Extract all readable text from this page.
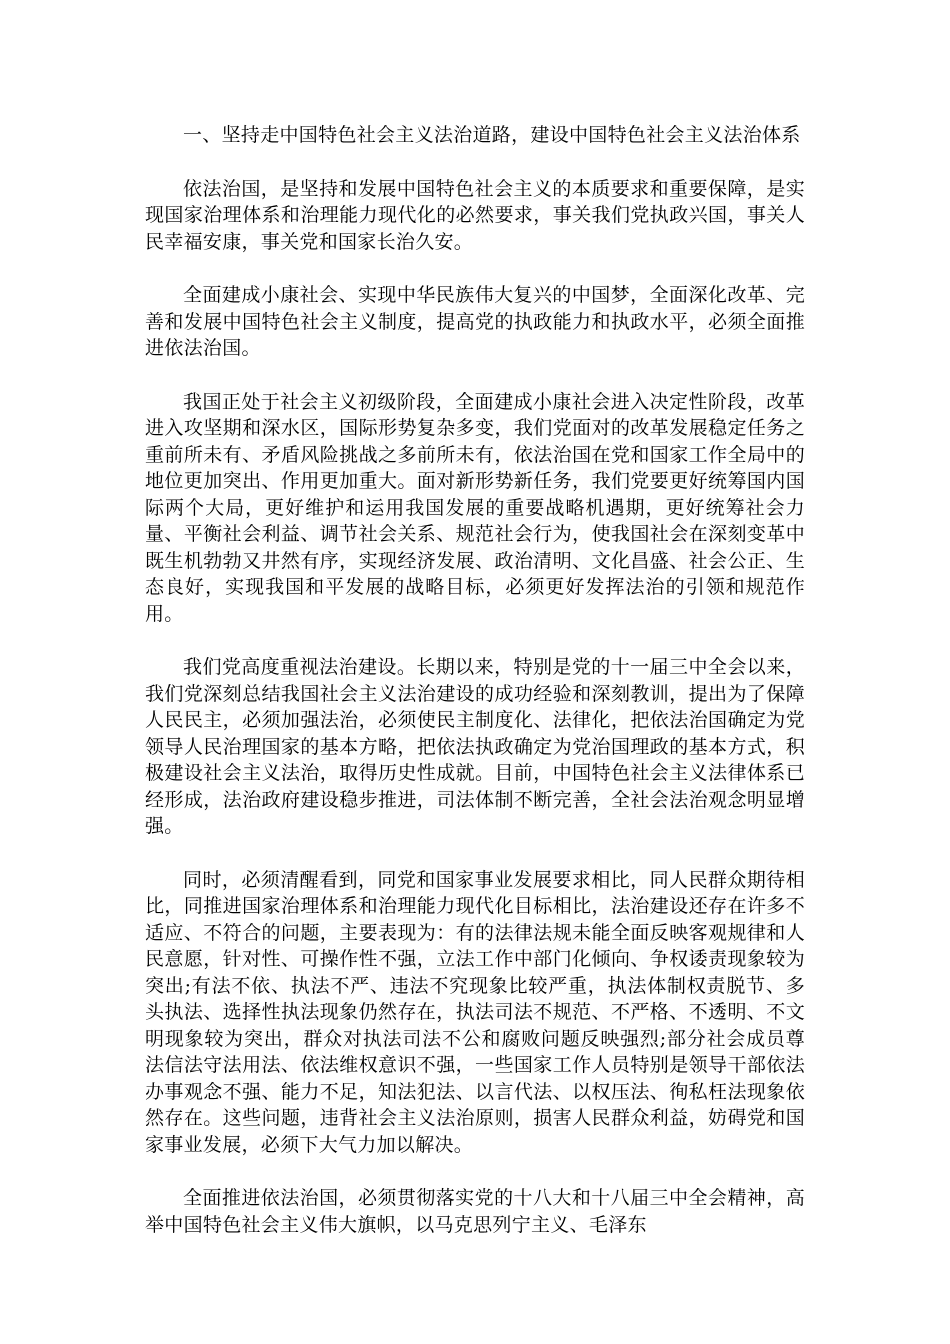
一、坚持走中国特色社会主义法治道路，建设中国特色社会主义法治体系

依法治国，是坚持和发展中国特色社会主义的本质要求和重要保障，是实现国家治理体系和治理能力现代化的必然要求，事关我们党执政兴国，事关人民幸福安康，事关党和国家长治久安。

全面建成小康社会、实现中华民族伟大复兴的中国梦，全面深化改革、完善和发展中国特色社会主义制度，提高党的执政能力和执政水平，必须全面推进依法治国。

我国正处于社会主义初级阶段，全面建成小康社会进入决定性阶段，改革进入攻坚期和深水区，国际形势复杂多变，我们党面对的改革发展稳定任务之重前所未有、矛盾风险挑战之多前所未有，依法治国在党和国家工作全局中的地位更加突出、作用更加重大。面对新形势新任务，我们党要更好统筹国内国际两个大局，更好维护和运用我国发展的重要战略机遇期，更好统筹社会力量、平衡社会利益、调节社会关系、规范社会行为，使我国社会在深刻变革中既生机勃勃又井然有序，实现经济发展、政治清明、文化昌盛、社会公正、生态良好，实现我国和平发展的战略目标，必须更好发挥法治的引领和规范作用。

我们党高度重视法治建设。长期以来，特别是党的十一届三中全会以来，我们党深刻总结我国社会主义法治建设的成功经验和深刻教训，提出为了保障人民民主，必须加强法治，必须使民主制度化、法律化，把依法治国确定为党领导人民治理国家的基本方略，把依法执政确定为党治国理政的基本方式，积极建设社会主义法治，取得历史性成就。目前，中国特色社会主义法律体系已经形成，法治政府建设稳步推进，司法体制不断完善，全社会法治观念明显增强。

同时，必须清醒看到，同党和国家事业发展要求相比，同人民群众期待相比，同推进国家治理体系和治理能力现代化目标相比，法治建设还存在许多不适应、不符合的问题，主要表现为：有的法律法规未能全面反映客观规律和人民意愿，针对性、可操作性不强，立法工作中部门化倾向、争权诿责现象较为突出;有法不依、执法不严、违法不究现象比较严重，执法体制权责脱节、多头执法、选择性执法现象仍然存在，执法司法不规范、不严格、不透明、不文明现象较为突出，群众对执法司法不公和腐败问题反映强烈;部分社会成员尊法信法守法用法、依法维权意识不强，一些国家工作人员特别是领导干部依法办事观念不强、能力不足，知法犯法、以言代法、以权压法、徇私枉法现象依然存在。这些问题，违背社会主义法治原则，损害人民群众利益，妨碍党和国家事业发展，必须下大气力加以解决。

全面推进依法治国，必须贯彻落实党的十八大和十八届三中全会精神，高举中国特色社会主义伟大旗帜，以马克思列宁主义、毛泽东
